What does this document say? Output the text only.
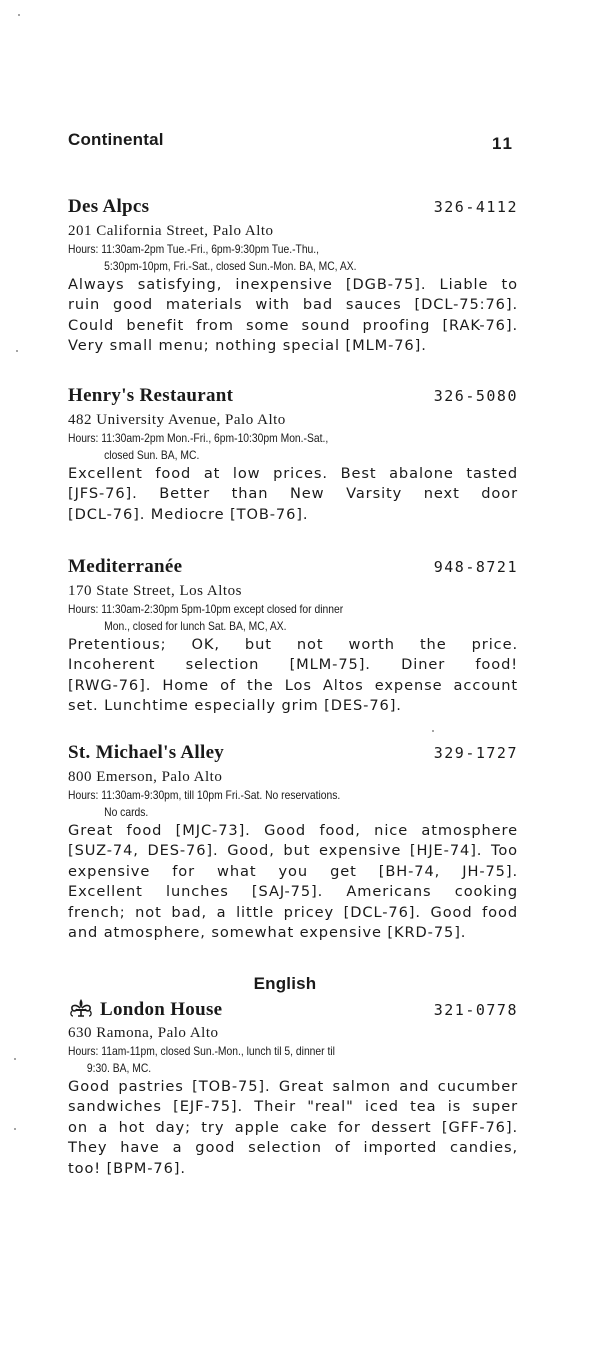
Continental	11
Des Alpcs	326-4112
201 California Street, Palo Alto
Hours: 11:30am-2pm Tue.-Fri., 6pm-9:30pm Tue.-Thu.,
5:30pm-10pm, Fri.-Sat., closed Sun.-Mon. BA, MC, AX.
Always satisfying, inexpensive [DGB-75]. Liable to
ruin good materials with bad sauces [DCL-75:76].
Could benefit from some sound proofing [RAK-76].
Very small menu; nothing special [MLM-76].
Henry's Restaurant	326-5080
482 University Avenue, Palo Alto
Hours: 11:30am-2pm Mon.-Fri., 6pm-10:30pm Mon.-Sat.,
closed Sun. BA, MC.
Excellent food at low prices. Best abalone tasted
[JFS-76]. Better than New Varsity next door
[DCL-76]. Mediocre [TOB-76].
Mediterranée	948-8721
170 State Street, Los Altos
Hours: 11:30am-2:30pm 5pm-10pm except closed for dinner
Mon., closed for lunch Sat. BA, MC, AX.
Pretentious; OK, but not worth the price.
Incoherent selection [MLM-75]. Diner food!
[RWG-76]. Home of the Los Altos expense account
set. Lunchtime especially grim [DES-76].
St. Michael's Alley	329-1727
800 Emerson, Palo Alto
Hours: 11:30am-9:30pm, till 10pm Fri.-Sat. No reservations.
No cards.
Great food [MJC-73]. Good food, nice atmosphere
[SUZ-74, DES-76]. Good, but expensive [HJE-74]. Too
expensive for what you get [BH-74, JH-75].
Excellent lunches [SAJ-75]. Americans cooking
french; not bad, a little pricey [DCL-76]. Good food
and atmosphere, somewhat expensive [KRD-75].
English
London House	321-0778
630 Ramona, Palo Alto
Hours: 11am-11pm, closed Sun.-Mon., lunch til 5, dinner til
9:30. BA, MC.
Good pastries [TOB-75]. Great salmon and cucumber
sandwiches [EJF-75]. Their "real" iced tea is super
on a hot day; try apple cake for dessert [GFF-76].
They have a good selection of imported candies,
too! [BPM-76].
